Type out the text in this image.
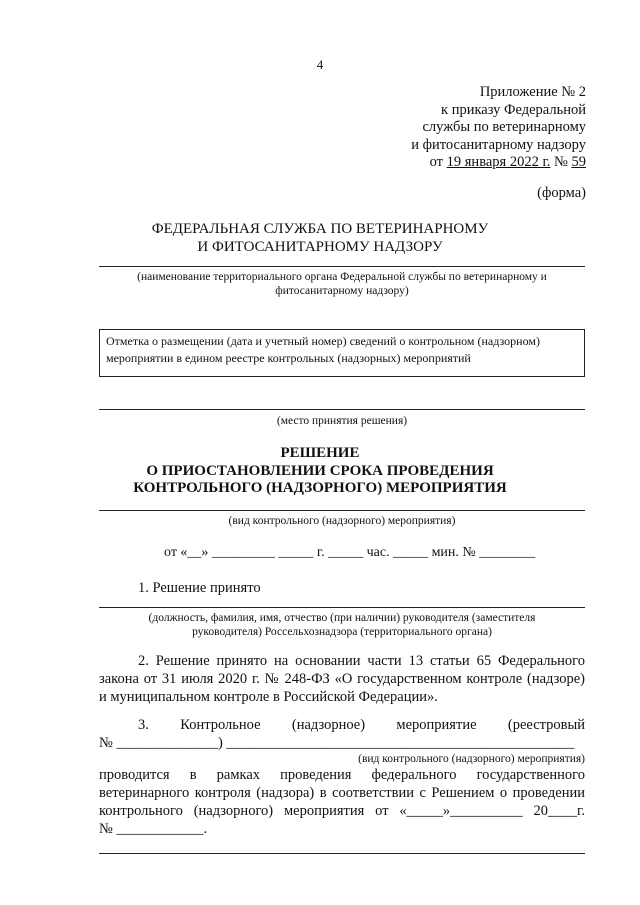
4
Приложение № 2
к приказу Федеральной
службы по ветеринарному
и фитосанитарному надзору
от 19 января 2022 г. № 59
(форма)
ФЕДЕРАЛЬНАЯ СЛУЖБА ПО ВЕТЕРИНАРНОМУ
И ФИТОСАНИТАРНОМУ НАДЗОРУ
(наименование территориального органа Федеральной службы по ветеринарному и
фитосанитарному надзору)
Отметка о размещении (дата и учетный номер) сведений о контрольном (надзорном)
мероприятии в едином реестре контрольных (надзорных) мероприятий
(место принятия решения)
РЕШЕНИЕ
О ПРИОСТАНОВЛЕНИИ СРОКА ПРОВЕДЕНИЯ
КОНТРОЛЬНОГО (НАДЗОРНОГО) МЕРОПРИЯТИЯ
(вид контрольного (надзорного) мероприятия)
от «__» _________ _____ г. _____ час. _____ мин. № ________
1. Решение принято
(должность, фамилия, имя, отчество (при наличии) руководителя (заместителя
руководителя) Россельхознадзора (территориального органа)
2. Решение принято на основании части 13 статьи 65 Федерального
закона от 31 июля 2020 г. № 248-ФЗ «О государственном контроле (надзоре)
и муниципальном контроле в Российской Федерации».
3. Контрольное (надзорное) мероприятие (реестровый
№ ______________) ________________________________________________
(вид контрольного (надзорного) мероприятия)
проводится в рамках проведения федерального государственного
ветеринарного контроля (надзора) в соответствии с Решением о проведении
контрольного (надзорного) мероприятия от «_____»__________ 20____г.
№ ____________.
